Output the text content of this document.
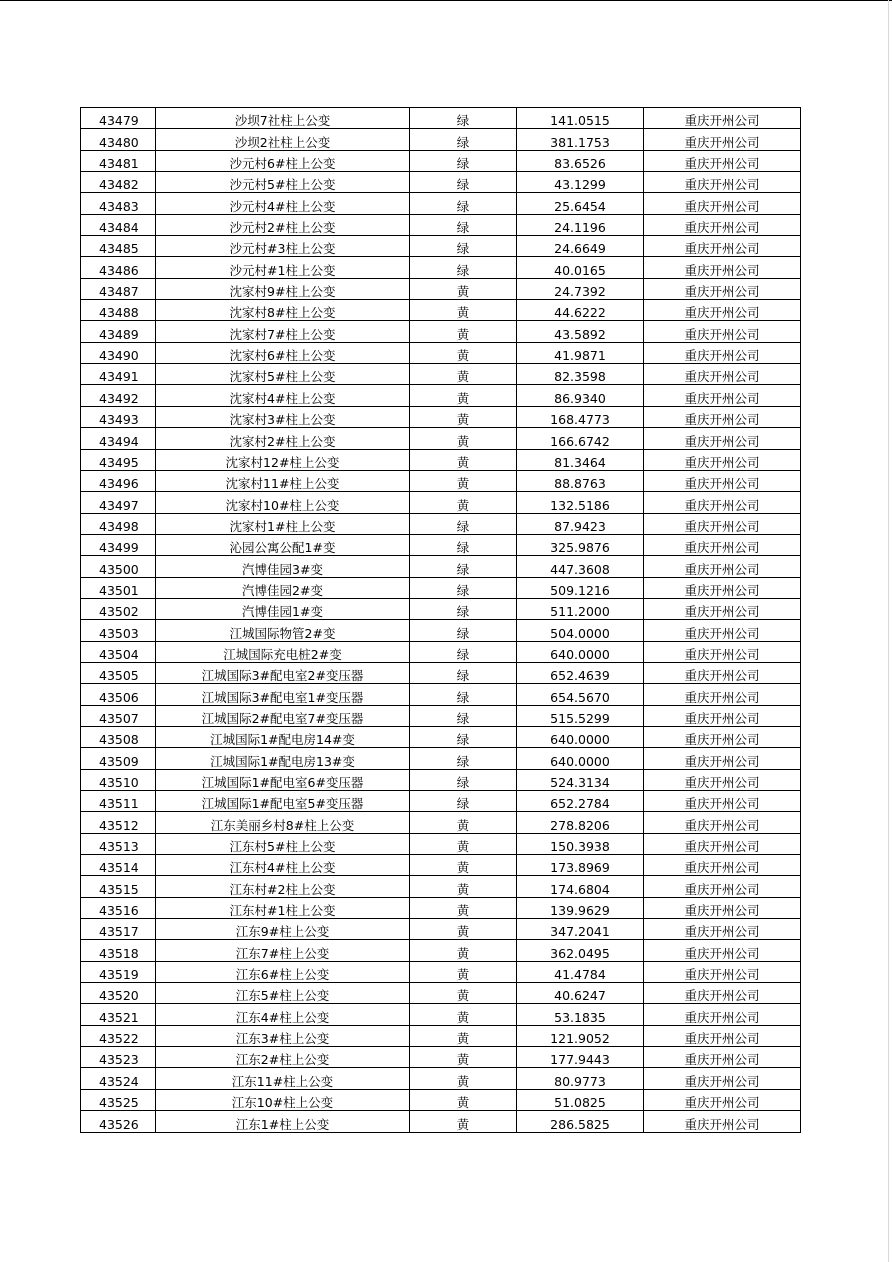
43479	沙坝7社柱上公变	绿	141.0515	重庆开州公司
43480	沙坝2社柱上公变	绿	381.1753	重庆开州公司
43481	沙元村6#柱上公变	绿	83.6526	重庆开州公司
43482	沙元村5#柱上公变	绿	43.1299	重庆开州公司
43483	沙元村4#柱上公变	绿	25.6454	重庆开州公司
43484	沙元村2#柱上公变	绿	24.1196	重庆开州公司
43485	沙元村#3柱上公变	绿	24.6649	重庆开州公司
43486	沙元村#1柱上公变	绿	40.0165	重庆开州公司
43487	沈家村9#柱上公变	黄	24.7392	重庆开州公司
43488	沈家村8#柱上公变	黄	44.6222	重庆开州公司
43489	沈家村7#柱上公变	黄	43.5892	重庆开州公司
43490	沈家村6#柱上公变	黄	41.9871	重庆开州公司
43491	沈家村5#柱上公变	黄	82.3598	重庆开州公司
43492	沈家村4#柱上公变	黄	86.9340	重庆开州公司
43493	沈家村3#柱上公变	黄	168.4773	重庆开州公司
43494	沈家村2#柱上公变	黄	166.6742	重庆开州公司
43495	沈家村12#柱上公变	黄	81.3464	重庆开州公司
43496	沈家村11#柱上公变	黄	88.8763	重庆开州公司
43497	沈家村10#柱上公变	黄	132.5186	重庆开州公司
43498	沈家村1#柱上公变	绿	87.9423	重庆开州公司
43499	沁园公寓公配1#变	绿	325.9876	重庆开州公司
43500	汽博佳园3#变	绿	447.3608	重庆开州公司
43501	汽博佳园2#变	绿	509.1216	重庆开州公司
43502	汽博佳园1#变	绿	511.2000	重庆开州公司
43503	江城国际物管2#变	绿	504.0000	重庆开州公司
43504	江城国际充电桩2#变	绿	640.0000	重庆开州公司
43505	江城国际3#配电室2#变压器	绿	652.4639	重庆开州公司
43506	江城国际3#配电室1#变压器	绿	654.5670	重庆开州公司
43507	江城国际2#配电室7#变压器	绿	515.5299	重庆开州公司
43508	江城国际1#配电房14#变	绿	640.0000	重庆开州公司
43509	江城国际1#配电房13#变	绿	640.0000	重庆开州公司
43510	江城国际1#配电室6#变压器	绿	524.3134	重庆开州公司
43511	江城国际1#配电室5#变压器	绿	652.2784	重庆开州公司
43512	江东美丽乡村8#柱上公变	黄	278.8206	重庆开州公司
43513	江东村5#柱上公变	黄	150.3938	重庆开州公司
43514	江东村4#柱上公变	黄	173.8969	重庆开州公司
43515	江东村#2柱上公变	黄	174.6804	重庆开州公司
43516	江东村#1柱上公变	黄	139.9629	重庆开州公司
43517	江东9#柱上公变	黄	347.2041	重庆开州公司
43518	江东7#柱上公变	黄	362.0495	重庆开州公司
43519	江东6#柱上公变	黄	41.4784	重庆开州公司
43520	江东5#柱上公变	黄	40.6247	重庆开州公司
43521	江东4#柱上公变	黄	53.1835	重庆开州公司
43522	江东3#柱上公变	黄	121.9052	重庆开州公司
43523	江东2#柱上公变	黄	177.9443	重庆开州公司
43524	江东11#柱上公变	黄	80.9773	重庆开州公司
43525	江东10#柱上公变	黄	51.0825	重庆开州公司
43526	江东1#柱上公变	黄	286.5825	重庆开州公司
